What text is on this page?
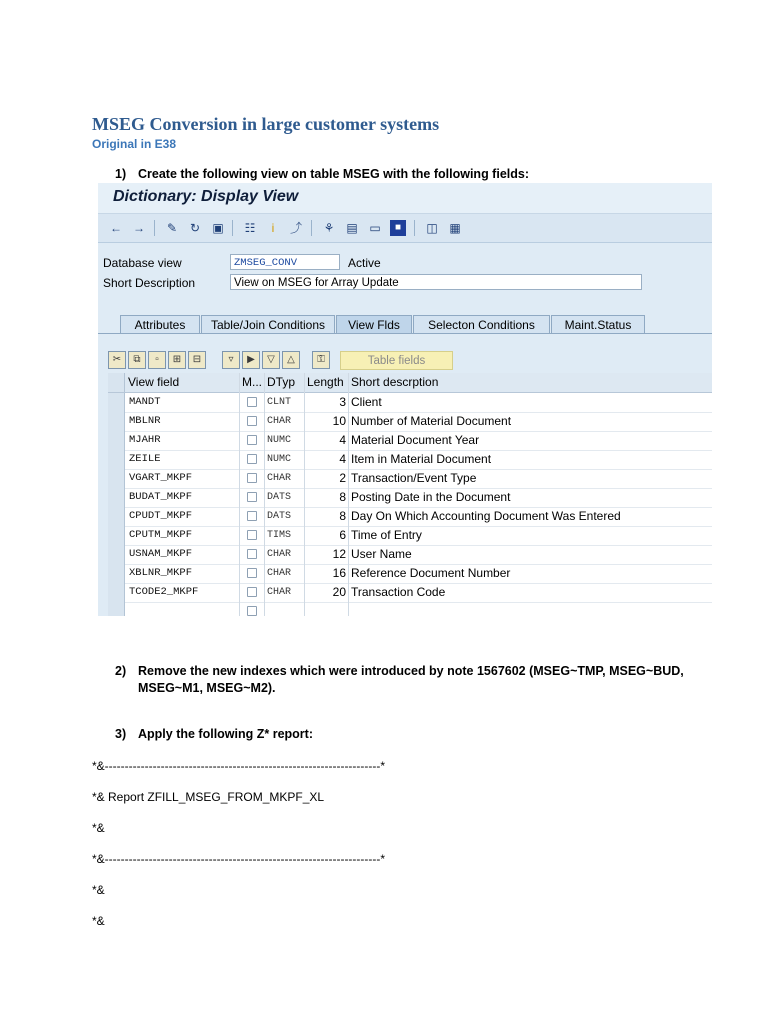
MSEG Conversion in large customer systems
Original in E38
1) Create the following view on table MSEG with the following fields:
Dictionary: Display View
← → ✎ ↻ ▣ ☷	i	⤴ ⚘ ▤ ▭	■	◫ ▦
Database view	ZMSEG_CONV	Active
Short Description	View on MSEG for Array Update
Attributes	Table/Join Conditions	View Flds	Selecton Conditions	Maint.Status
✂	⧉	▫	⊞	⊟	▿	▶	▽	△	⚿	Table fields
View field	M... DTyp Length Short descrption
MANDT	CLNT	3 Client
MBLNR	CHAR	10 Number of Material Document
MJAHR	NUMC	4 Material Document Year
ZEILE	NUMC	4 Item in Material Document
VGART_MKPF	CHAR	2 Transaction/Event Type
BUDAT_MKPF	DATS	8 Posting Date in the Document
CPUDT_MKPF	DATS	8 Day On Which Accounting Document Was Entered
CPUTM_MKPF	TIMS	6 Time of Entry
USNAM_MKPF	CHAR	12 User Name
XBLNR_MKPF	CHAR	16 Reference Document Number
TCODE2_MKPF	CHAR	20 Transaction Code
2) Remove the new indexes which were introduced by note 1567602 (MSEG~TMP, MSEG~BUD,
MSEG~M1, MSEG~M2).
3) Apply the following Z* report:
*&---------------------------------------------------------------------*
*& Report ZFILL_MSEG_FROM_MKPF_XL
*&
*&---------------------------------------------------------------------*
*&
*&
